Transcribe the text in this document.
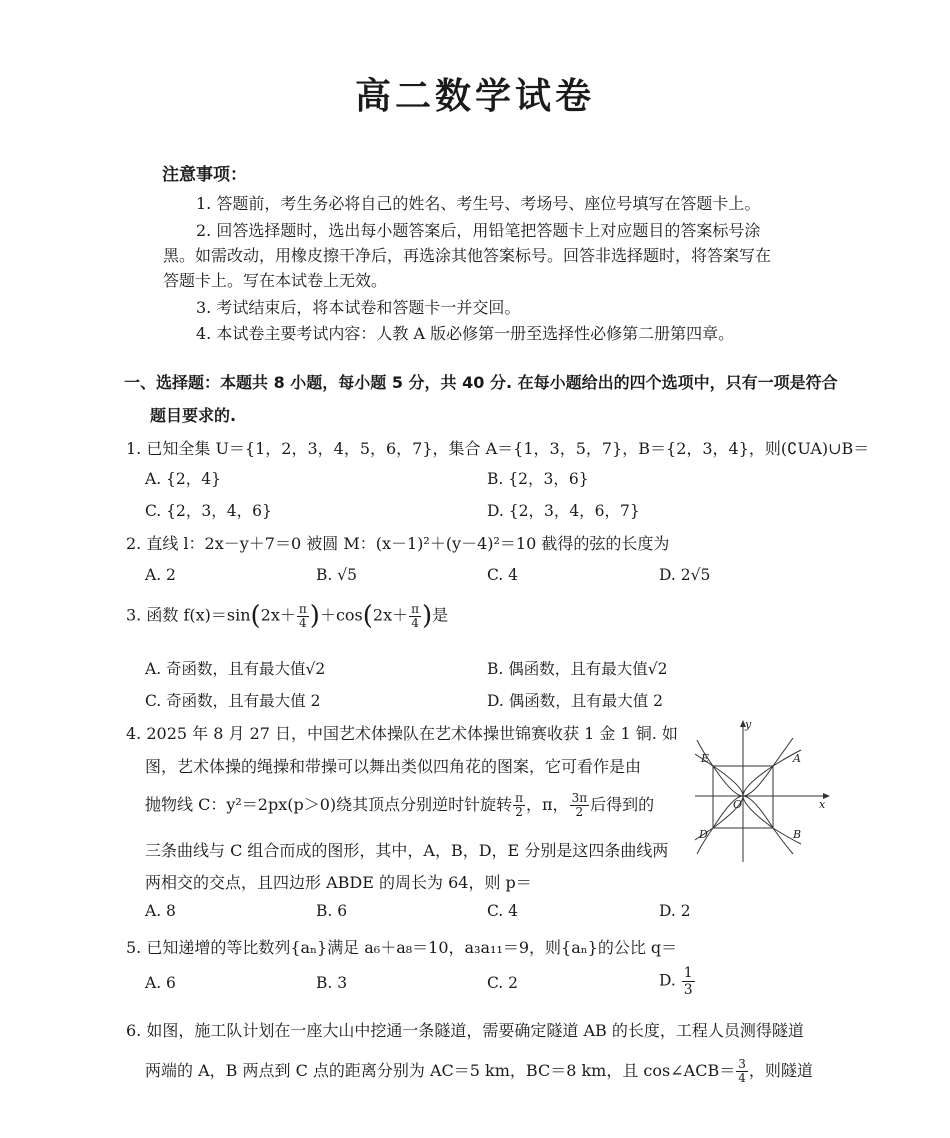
高二数学试卷
注意事项：
1. 答题前，考生务必将自己的姓名、考生号、考场号、座位号填写在答题卡上。
2. 回答选择题时，选出每小题答案后，用铅笔把答题卡上对应题目的答案标号涂
黑。如需改动，用橡皮擦干净后，再选涂其他答案标号。回答非选择题时，将答案写在
答题卡上。写在本试卷上无效。
3. 考试结束后，将本试卷和答题卡一并交回。
4. 本试卷主要考试内容：人教 A 版必修第一册至选择性必修第二册第四章。
一、选择题：本题共 8 小题，每小题 5 分，共 40 分. 在每小题给出的四个选项中，只有一项是符合
题目要求的.
1. 已知全集 U＝{1，2，3，4，5，6，7}，集合 A＝{1，3，5，7}，B＝{2，3，4}，则(∁UA)∪B＝
A. {2，4}	B. {2，3，6}
C. {2，3，4，6}	D. {2，3，4，6，7}
2. 直线 l：2x－y＋7＝0 被圆 M：(x－1)²＋(y－4)²＝10 截得的弦的长度为
A. 2	B. √5	C. 4	D. 2√5
3. 函数 $f(x)=\sin(2x+ \frac{\pi}{4} )+\cos(2x+ \frac{\pi}{4}$ )是
A. 奇函数，且有最大值√2	B. 偶函数，且有最大值√2
C. 奇函数，且有最大值 2	D. 偶函数，且有最大值 2
4. 2025 年 8 月 27 日，中国艺术体操队在艺术体操世锦赛收获 1 金 1 铜. 如
图，艺术体操的绳操和带操可以舞出类似四角花的图案，它可看作是由
抛物线 C：y²＝2px(p＞0)绕其顶点分别逆时针旋转 $\frac{\pi}{2}$ ，π， $\frac{3\pi}{2}$ 后得到的
三条曲线与 C 组合而成的图形，其中，A，B，D，E 分别是这四条曲线两
两相交的交点，且四边形 ABDE 的周长为 64，则 p＝
A. 8	B. 6	C. 4	D. 2
y
x
O
A
B
D
E
5. 已知递增的等比数列{aₙ}满足 a₆＋a₈＝10，a₃a₁₁＝9，则{aₙ}的公比 q＝
A. 6	B. 3	C. 2	D. $\frac{1}{3}$
6. 如图，施工队计划在一座大山中挖通一条隧道，需要确定隧道 AB 的长度，工程人员测得隧道
两端的 A，B 两点到 C 点的距离分别为 AC＝5 km，BC＝8 km，且 cos∠ACB＝ $\frac{3}{4}$ ，则隧道
